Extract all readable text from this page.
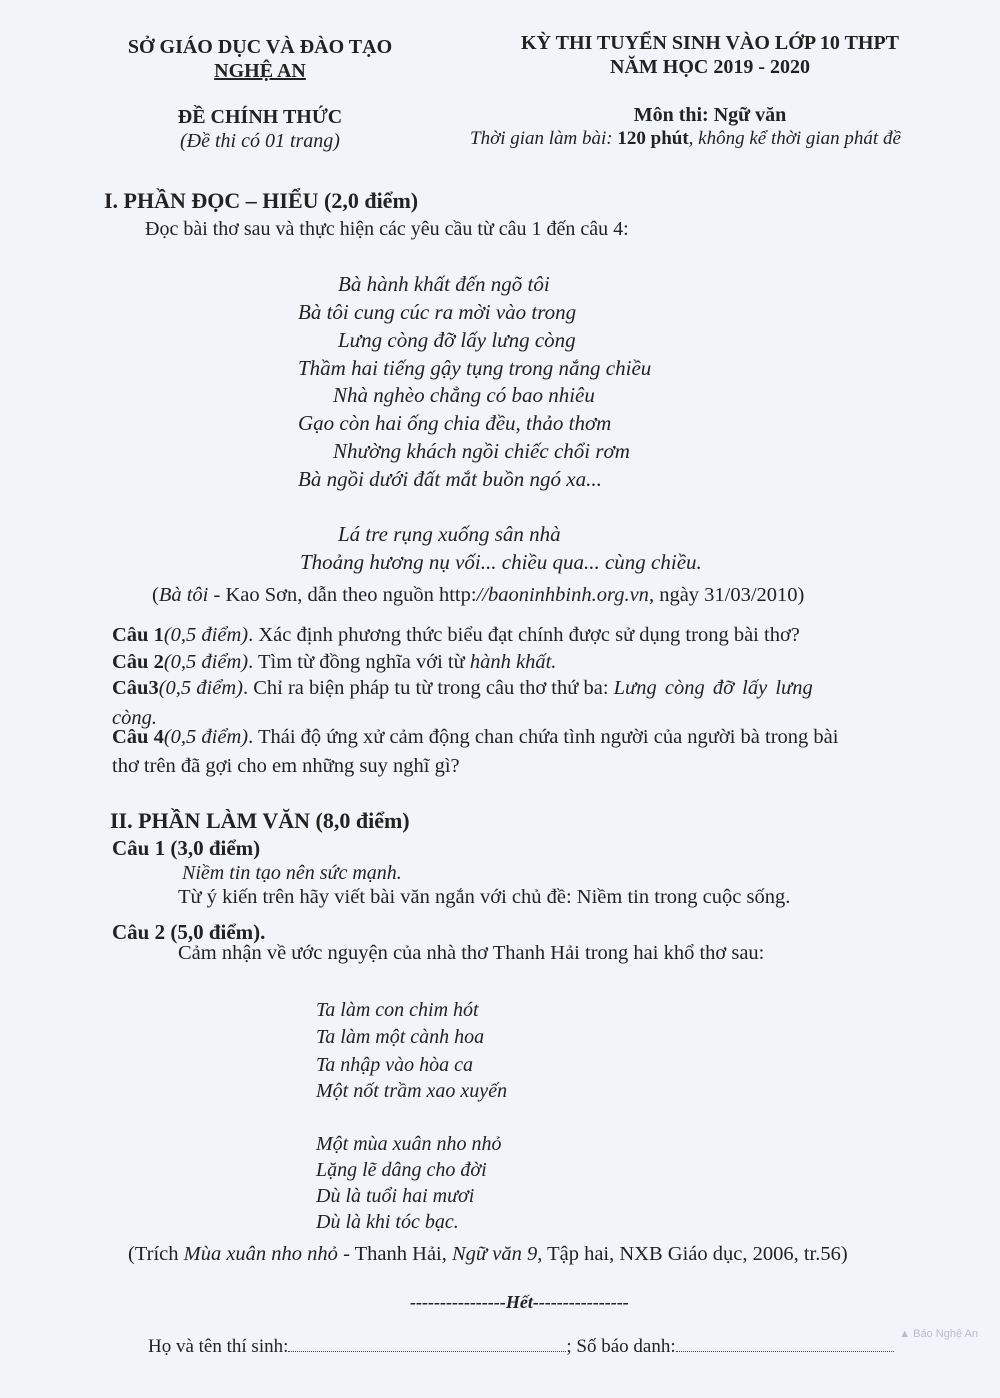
SỞ GIÁO DỤC VÀ ĐÀO TẠO
NGHỆ AN
ĐỀ CHÍNH THỨC
(Đề thi có 01 trang)
KỲ THI TUYỂN SINH VÀO LỚP 10 THPT
NĂM HỌC 2019 - 2020
Môn thi: Ngữ văn
Thời gian làm bài: 120 phút, không kể thời gian phát đề
I. PHẦN ĐỌC – HIỂU (2,0 điểm)
Đọc bài thơ sau và thực hiện các yêu cầu từ câu 1 đến câu 4:
Bà hành khất đến ngõ tôi
Bà tôi cung cúc ra mời vào trong
Lưng còng đỡ lấy lưng còng
Thầm hai tiếng gậy tụng trong nắng chiều
Nhà nghèo chẳng có bao nhiêu
Gạo còn hai ống chia đều, thảo thơm
Nhường khách ngồi chiếc chổi rơm
Bà ngồi dưới đất mắt buồn ngó xa...
Lá tre rụng xuống sân nhà
Thoảng hương nụ vối... chiều qua... cùng chiều.
(Bà tôi - Kao Sơn, dẫn theo nguồn http://baoninhbinh.org.vn, ngày 31/03/2010)
Câu 1(0,5 điểm). Xác định phương thức biểu đạt chính được sử dụng trong bài thơ?
Câu 2(0,5 điểm). Tìm từ đồng nghĩa với từ hành khất.
Câu3(0,5 điểm). Chỉ ra biện pháp tu từ trong câu thơ thứ ba: Lưng còng đỡ lấy lưng
còng.
Câu 4(0,5 điểm). Thái độ ứng xử cảm động chan chứa tình người của người bà trong bài
thơ trên đã gợi cho em những suy nghĩ gì?
II. PHẦN LÀM VĂN (8,0 điểm)
Câu 1 (3,0 điểm)
Niềm tin tạo nên sức mạnh.
Từ ý kiến trên hãy viết bài văn ngắn với chủ đề: Niềm tin trong cuộc sống.
Câu 2 (5,0 điểm).
Cảm nhận về ước nguyện của nhà thơ Thanh Hải trong hai khổ thơ sau:
Ta làm con chim hót
Ta làm một cành hoa
Ta nhập vào hòa ca
Một nốt trầm xao xuyến
Một mùa xuân nho nhỏ
Lặng lẽ dâng cho đời
Dù là tuổi hai mươi
Dù là khi tóc bạc.
(Trích Mùa xuân nho nhỏ - Thanh Hải, Ngữ văn 9, Tập hai, NXB Giáo dục, 2006, tr.56)
----------------Hết----------------
Họ và tên thí sinh:	; Số báo danh:
▲ Báo Nghệ An
